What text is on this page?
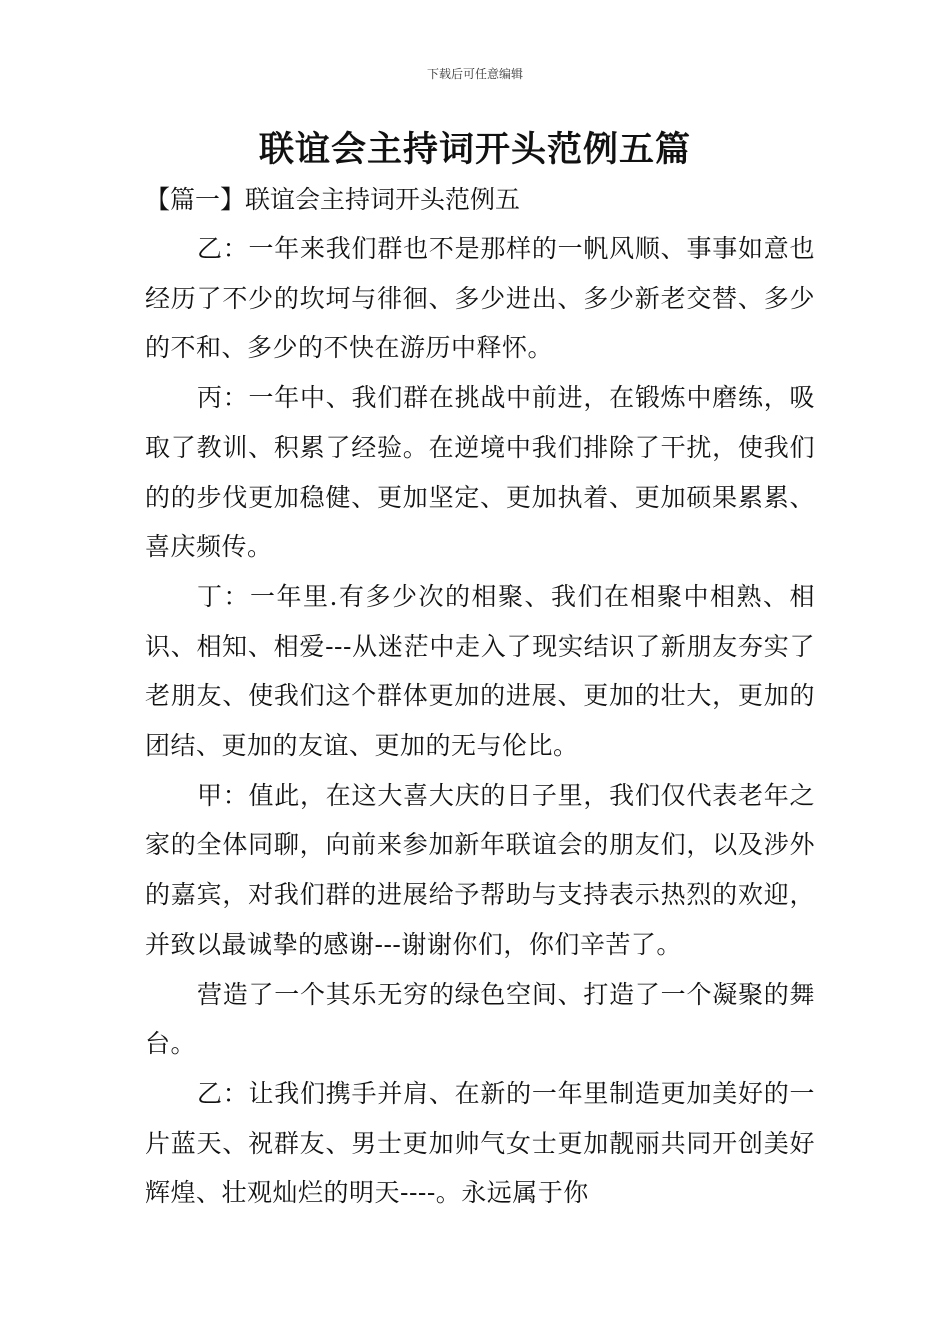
下载后可任意编辑
联谊会主持词开头范例五篇

【篇一】联谊会主持词开头范例五

乙：一年来我们群也不是那样的一帆风顺、事事如意也经历了不少的坎坷与徘徊、多少进出、多少新老交替、多少的不和、多少的不快在游历中释怀。

丙：一年中、我们群在挑战中前进，在锻炼中磨练，吸取了教训、积累了经验。在逆境中我们排除了干扰，使我们的的步伐更加稳健、更加坚定、更加执着、更加硕果累累、喜庆频传。

丁：一年里.有多少次的相聚、我们在相聚中相熟、相识、相知、相爱---从迷茫中走入了现实结识了新朋友夯实了老朋友、使我们这个群体更加的进展、更加的壮大，更加的团结、更加的友谊、更加的无与伦比。

甲：值此，在这大喜大庆的日子里，我们仅代表老年之家的全体同聊，向前来参加新年联谊会的朋友们，以及涉外的嘉宾，对我们群的进展给予帮助与支持表示热烈的欢迎，并致以最诚挚的感谢---谢谢你们，你们辛苦了。

营造了一个其乐无穷的绿色空间、打造了一个凝聚的舞台。

乙：让我们携手并肩、在新的一年里制造更加美好的一片蓝天、祝群友、男士更加帅气女士更加靓丽共同开创美好辉煌、壮观灿烂的明天----。永远属于你
